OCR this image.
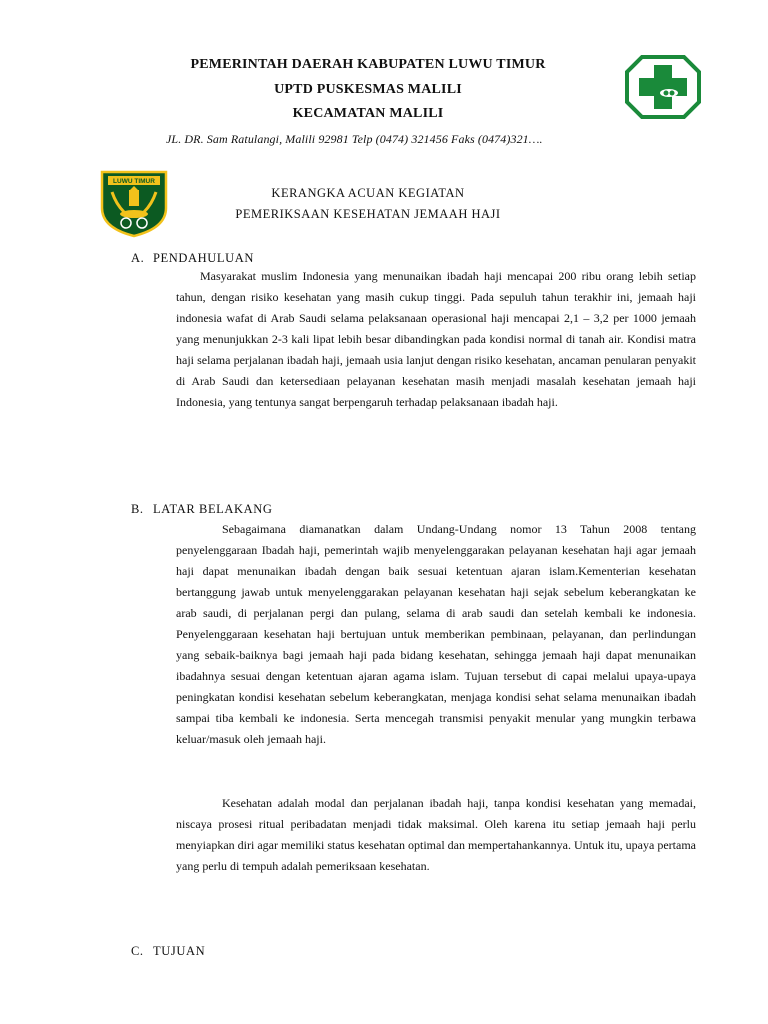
LUWU TIMUR
PEMERINTAH DAERAH KABUPATEN LUWU TIMUR
UPTD PUSKESMAS MALILI
KECAMATAN MALILI
JL. DR. Sam Ratulangi, Malili 92981 Telp (0474) 321456 Faks (0474)321….
KERANGKA ACUAN KEGIATAN
PEMERIKSAAN KESEHATAN JEMAAH HAJI
A. PENDAHULUAN

Masyarakat muslim Indonesia yang menunaikan ibadah haji mencapai 200 ribu orang lebih setiap tahun, dengan risiko kesehatan yang masih cukup tinggi. Pada sepuluh tahun terakhir ini, jemaah haji indonesia wafat di Arab Saudi selama pelaksanaan operasional haji mencapai 2,1 – 3,2 per 1000 jemaah yang menunjukkan 2-3 kali lipat lebih besar dibandingkan pada kondisi normal di tanah air. Kondisi matra haji selama perjalanan ibadah haji, jemaah usia lanjut dengan risiko kesehatan, ancaman penularan penyakit di Arab Saudi dan ketersediaan pelayanan kesehatan masih menjadi masalah kesehatan jemaah haji Indonesia, yang tentunya sangat berpengaruh terhadap pelaksanaan ibadah haji.

B. LATAR BELAKANG

Sebagaimana diamanatkan dalam Undang-Undang nomor 13 Tahun 2008 tentang penyelenggaraan Ibadah haji, pemerintah wajib menyelenggarakan pelayanan kesehatan haji agar jemaah haji dapat menunaikan ibadah dengan baik sesuai ketentuan ajaran islam.Kementerian kesehatan bertanggung jawab untuk menyelenggarakan pelayanan kesehatan haji sejak sebelum keberangkatan ke arab saudi, di perjalanan pergi dan pulang, selama di arab saudi dan setelah kembali ke indonesia. Penyelenggaraan kesehatan haji bertujuan untuk memberikan pembinaan, pelayanan, dan perlindungan yang sebaik-baiknya bagi jemaah haji pada bidang kesehatan, sehingga jemaah haji dapat menunaikan ibadahnya sesuai dengan ketentuan ajaran agama islam. Tujuan tersebut di capai melalui upaya-upaya peningkatan kondisi kesehatan sebelum keberangkatan, menjaga kondisi sehat selama menunaikan ibadah sampai tiba kembali ke indonesia. Serta mencegah transmisi penyakit menular yang mungkin terbawa keluar/masuk oleh jemaah haji.

Kesehatan adalah modal dan perjalanan ibadah haji, tanpa kondisi kesehatan yang memadai, niscaya prosesi ritual peribadatan menjadi tidak maksimal. Oleh karena itu setiap jemaah haji perlu menyiapkan diri agar memiliki status kesehatan optimal dan mempertahankannya. Untuk itu, upaya pertama yang perlu di tempuh adalah pemeriksaan kesehatan.

C. TUJUAN
